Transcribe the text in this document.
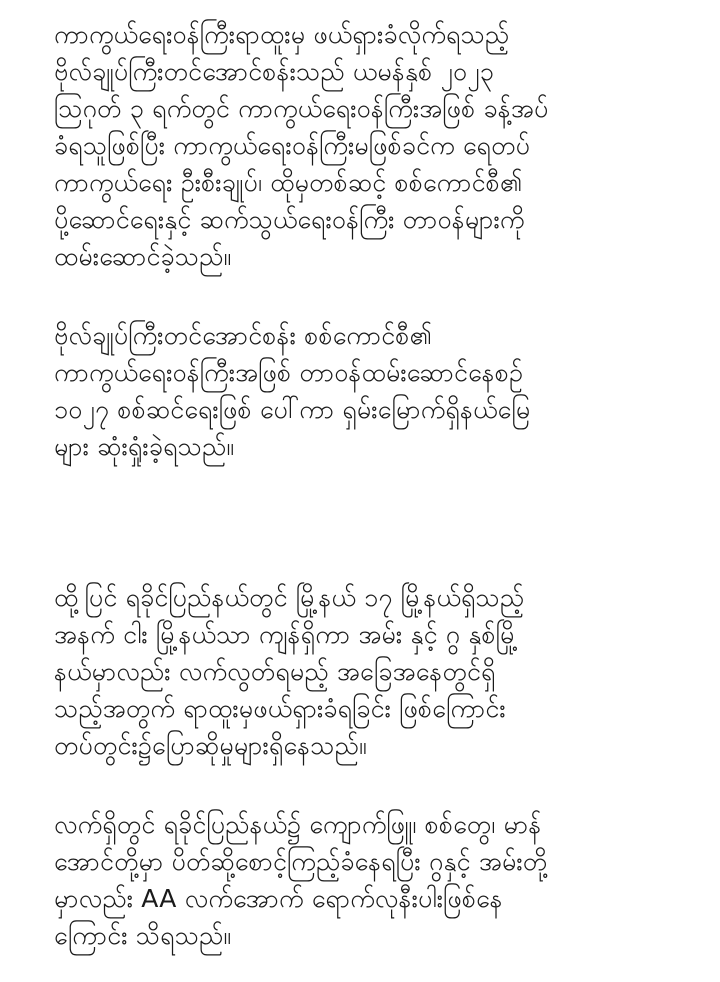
ကာကွယ်ရေးဝန်ကြီးရာထူးမှ ဖယ်ရှားခံလိုက်ရသည့်
ဗိုလ်ချုပ်ကြီးတင်အောင်စန်းသည် ယမန်နှစ် ၂၀၂၃
ဩဂုတ် ၃ ရက်တွင် ကာကွယ်ရေးဝန်ကြီးအဖြစ် ခန့်အပ်
ခံရသူဖြစ်ပြီး ကာကွယ်ရေးဝန်ကြီးမဖြစ်ခင်က ရေတပ်
ကာကွယ်ရေး ဦးစီးချုပ်၊ ထိုမှတစ်ဆင့် စစ်ကောင်စီ၏
ပို့ဆောင်ရေးနှင့် ဆက်သွယ်ရေးဝန်ကြီး တာဝန်များကို
ထမ်းဆောင်ခဲ့သည်။

ဗိုလ်ချုပ်ကြီးတင်အောင်စန်း စစ်ကောင်စီ၏
ကာကွယ်ရေးဝန်ကြီးအဖြစ် တာဝန်ထမ်းဆောင်နေစဉ်
၁၀၂၇ စစ်ဆင်ရေးဖြစ် ပေါ်ကာ ရှမ်းမြောက်ရှိနယ်မြေ
များ ဆုံးရှုံးခဲ့ရသည်။

ထို့ပြင် ရခိုင်ပြည်နယ်တွင် မြို့နယ် ၁၇ မြို့နယ်ရှိသည့်
အနက် ငါး မြို့နယ်သာ ကျန်ရှိကာ အမ်း နှင့် ဂွ နှစ်မြို့
နယ်မှာလည်း လက်လွတ်ရမည့် အခြေအနေတွင်ရှိ
သည့်အတွက် ရာထူးမှဖယ်ရှားခံရခြင်း ဖြစ်ကြောင်း
တပ်တွင်း၌ပြောဆိုမှုများရှိနေသည်။

လက်ရှိတွင် ရခိုင်ပြည်နယ်၌ ကျောက်ဖြူ၊ စစ်တွေ၊ မာန်
အောင်တို့မှာ ပိတ်ဆို့စောင့်ကြည့်ခံနေရပြီး ဂွနှင့် အမ်းတို့
မှာလည်း AA လက်အောက် ရောက်လုနီးပါးဖြစ်နေ
ကြောင်း သိရသည်။
